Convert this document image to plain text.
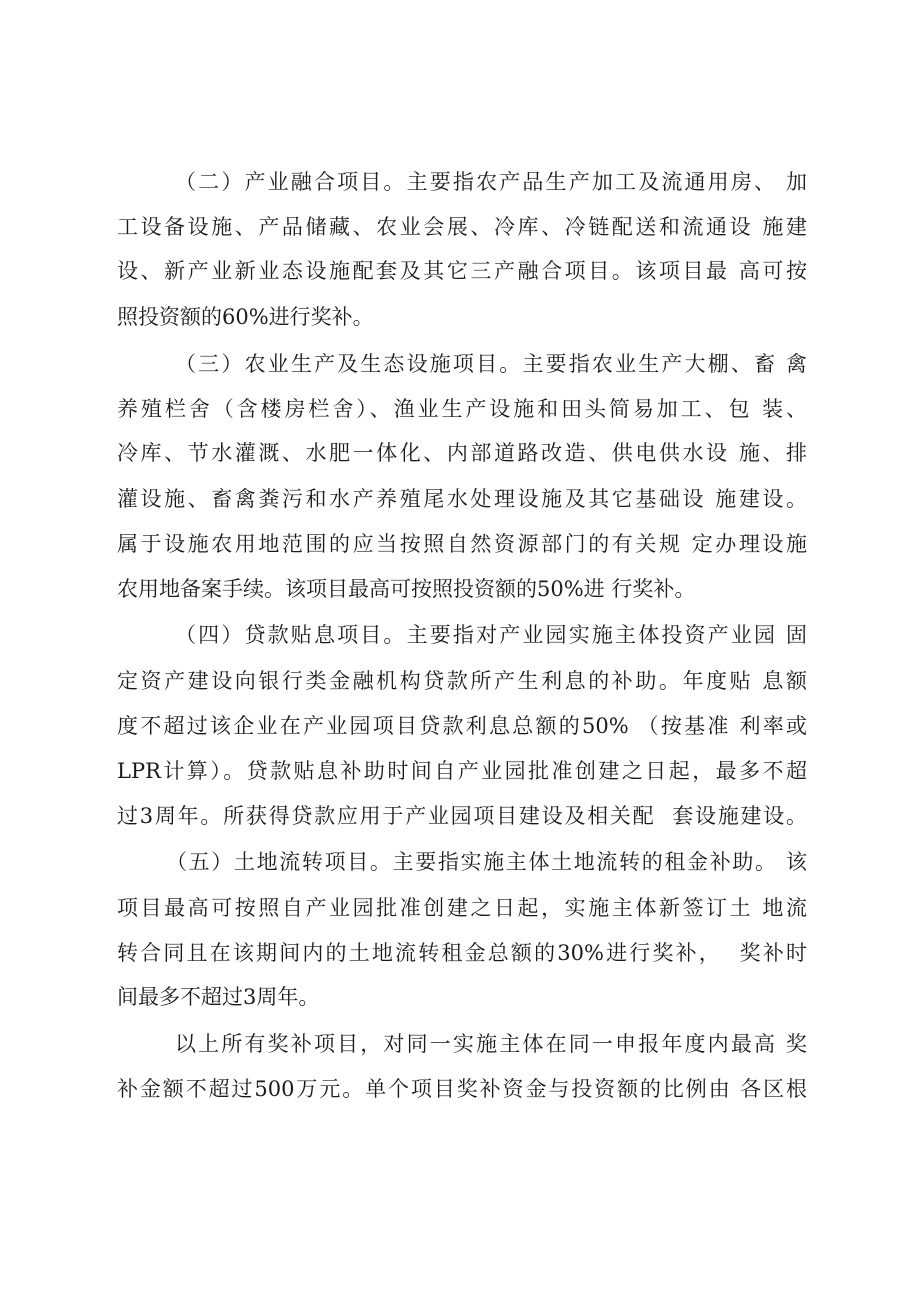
（二）产业融合项目。主要指农产品生产加工及流通用房、 加
工设备设施、产品储藏、农业会展、冷库、冷链配送和流通设 施建
设、新产业新业态设施配套及其它三产融合项目。该项目最 高可按
照投资额的60%进行奖补。
（三）农业生产及生态设施项目。主要指农业生产大棚、畜 禽
养殖栏舍（含楼房栏舍）、渔业生产设施和田头简易加工、包 装、
冷库、节水灌溉、水肥一体化、内部道路改造、供电供水设 施、排
灌设施、畜禽粪污和水产养殖尾水处理设施及其它基础设 施建设。
属于设施农用地范围的应当按照自然资源部门的有关规 定办理设施
农用地备案手续。该项目最高可按照投资额的50%进 行奖补。
（四）贷款贴息项目。主要指对产业园实施主体投资产业园 固
定资产建设向银行类金融机构贷款所产生利息的补助。年度贴 息额
度不超过该企业在产业园项目贷款利息总额的50% （按基准 利率或
LPR计算）。贷款贴息补助时间自产业园批准创建之日起，最多不超
过3周年。所获得贷款应用于产业园项目建设及相关配  套设施建设。
（五）土地流转项目。主要指实施主体土地流转的租金补助。 该
项目最高可按照自产业园批准创建之日起，实施主体新签订土 地流
转合同且在该期间内的土地流转租金总额的30%进行奖补，  奖补时
间最多不超过3周年。
以上所有奖补项目，对同一实施主体在同一申报年度内最高 奖
补金额不超过500万元。单个项目奖补资金与投资额的比例由 各区根
